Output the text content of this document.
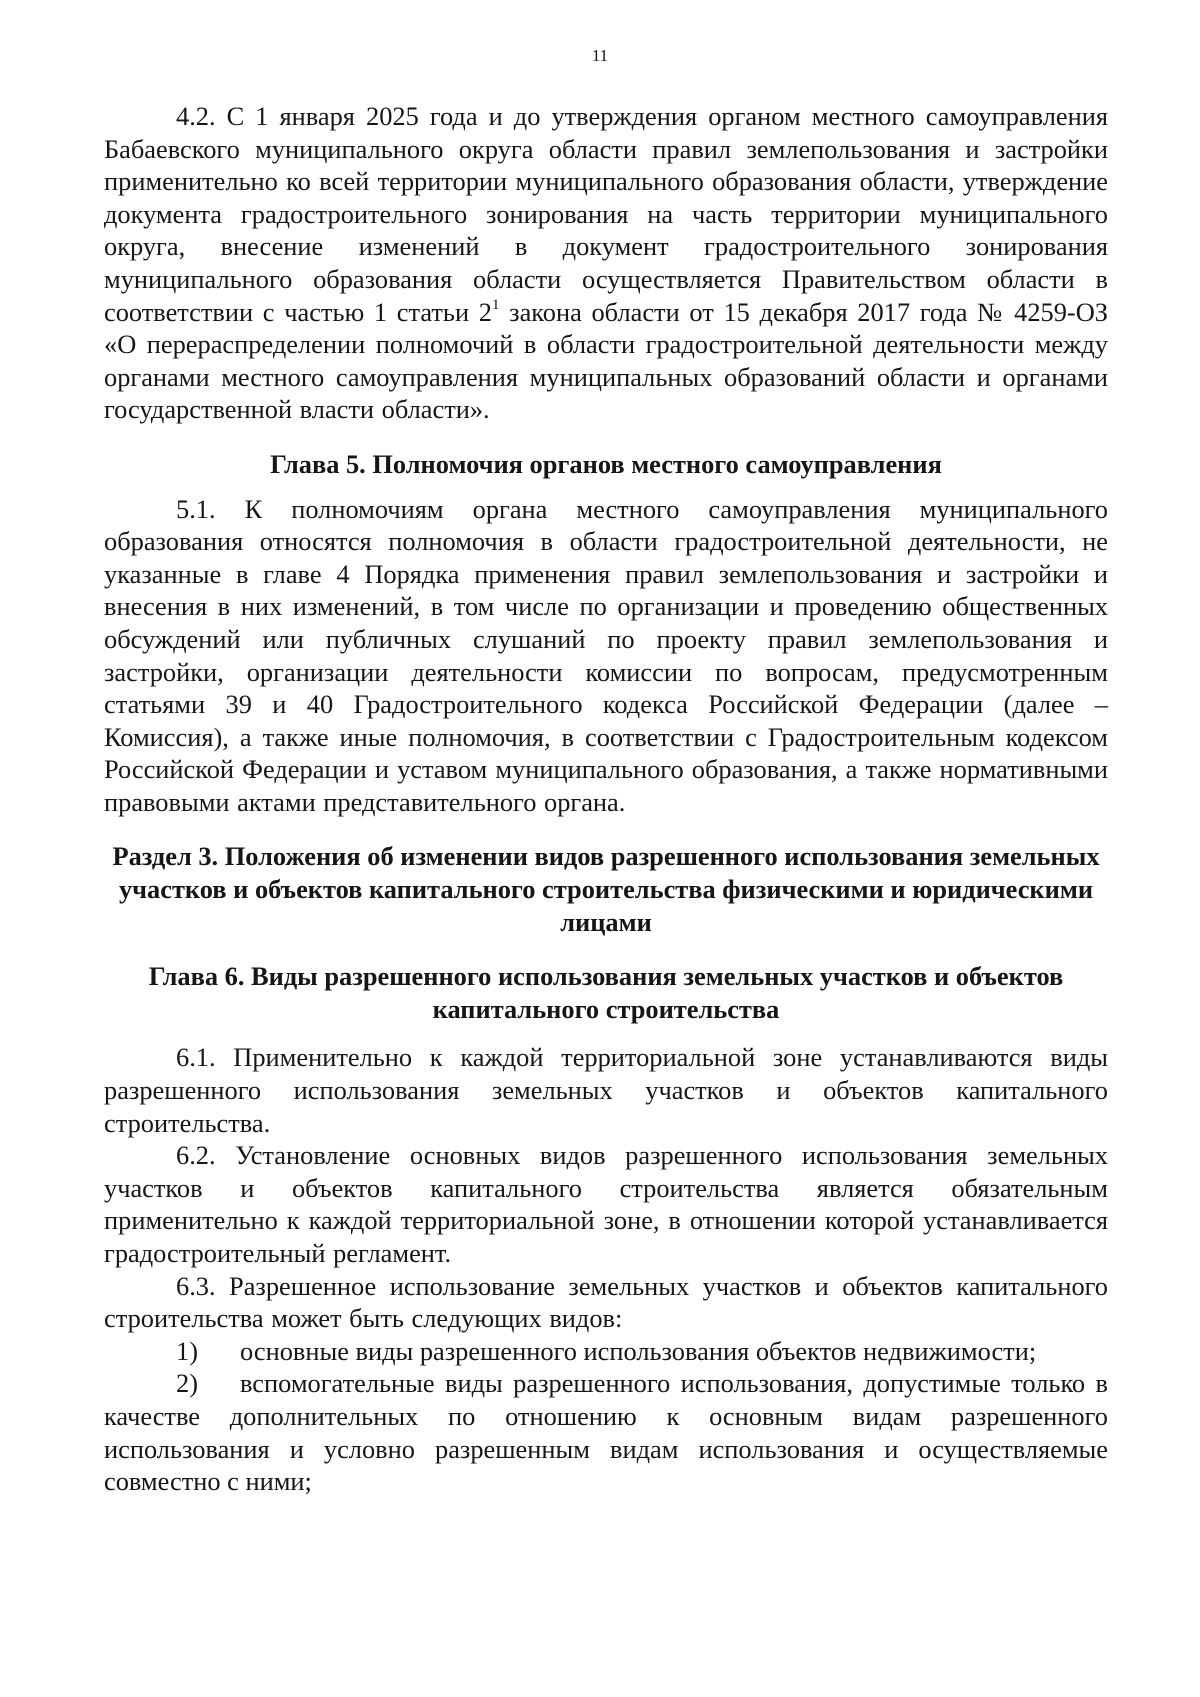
11

4.2. С 1 января 2025 года и до утверждения органом местного самоуправления Бабаевского муниципального округа области правил землепользования и застройки применительно ко всей территории муниципального образования области, утверждение документа градостроительного зонирования на часть территории муниципального округа, внесение изменений в документ градостроительного зонирования муниципального образования области осуществляется Правительством области в соответствии с частью 1 статьи $2^1$ закона области от 15 декабря 2017 года № 4259-ОЗ «О перераспределении полномочий в области градостроительной деятельности между органами местного самоуправления муниципальных образований области и органами государственной власти области».

Глава 5. Полномочия органов местного самоуправления

5.1. К полномочиям органа местного самоуправления муниципального образования относятся полномочия в области градостроительной деятельности, не указанные в главе 4 Порядка применения правил землепользования и застройки и внесения в них изменений, в том числе по организации и проведению общественных обсуждений или публичных слушаний по проекту правил землепользования и застройки, организации деятельности комиссии по вопросам, предусмотренным статьями 39 и 40 Градостроительного кодекса Российской Федерации (далее – Комиссия), а также иные полномочия, в соответствии с Градостроительным кодексом Российской Федерации и уставом муниципального образования, а также нормативными правовыми актами представительного органа.

Раздел 3. Положения об изменении видов разрешенного использования земельных участков и объектов капитального строительства физическими и юридическими лицами

Глава 6. Виды разрешенного использования земельных участков и объектов капитального строительства

6.1. Применительно к каждой территориальной зоне устанавливаются виды разрешенного использования земельных участков и объектов капитального строительства.

6.2. Установление основных видов разрешенного использования земельных участков и объектов капитального строительства является обязательным применительно к каждой территориальной зоне, в отношении которой устанавливается градостроительный регламент.

6.3. Разрешенное использование земельных участков и объектов капитального строительства может быть следующих видов:

1) основные виды разрешенного использования объектов недвижимости;

2) вспомогательные виды разрешенного использования, допустимые только в качестве дополнительных по отношению к основным видам разрешенного использования и условно разрешенным видам использования и осуществляемые совместно с ними;
